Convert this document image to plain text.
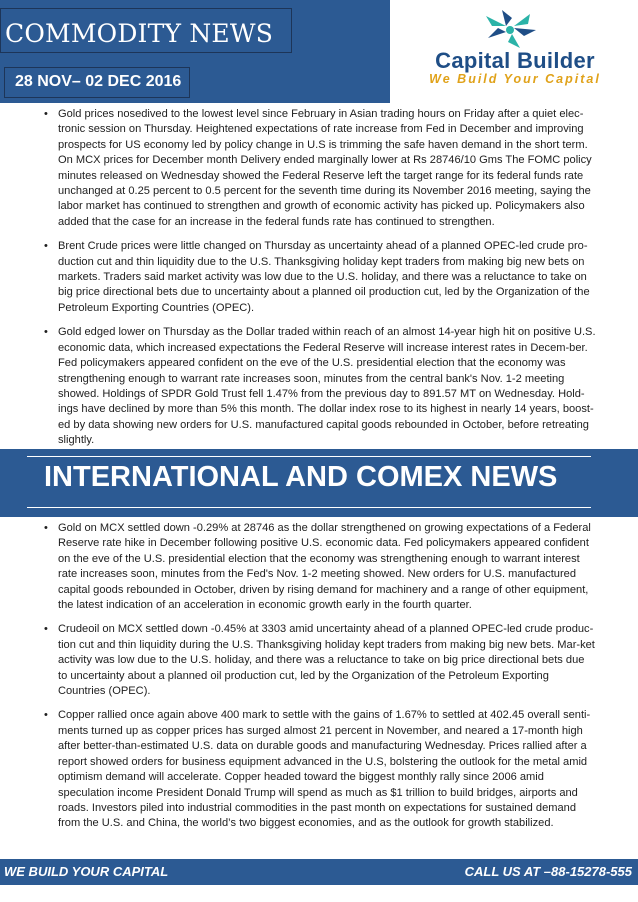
COMMODITY NEWS
28 NOV– 02 DEC 2016
Capital Builder
We Build Your Capital
• Gold prices nosedived to the lowest level since February in Asian trading hours on Friday after a quiet elec-tronic session on Thursday. Heightened expectations of rate increase from Fed in December and improving prospects for US economy led by policy change in U.S is trimming the safe haven demand in the short term. On MCX prices for December month Delivery ended marginally lower at Rs 28746/10 Gms The FOMC policy minutes released on Wednesday showed the Federal Reserve left the target range for its federal funds rate unchanged at 0.25 percent to 0.5 percent for the seventh time during its November 2016 meeting, saying the labor market has continued to strengthen and growth of economic activity has picked up. Policymakers also added that the case for an increase in the federal funds rate has continued to strengthen.
• Brent Crude prices were little changed on Thursday as uncertainty ahead of a planned OPEC-led crude pro-duction cut and thin liquidity due to the U.S. Thanksgiving holiday kept traders from making big new bets on markets. Traders said market activity was low due to the U.S. holiday, and there was a reluctance to take on big price directional bets due to uncertainty about a planned oil production cut, led by the Organization of the Petroleum Exporting Countries (OPEC).
• Gold edged lower on Thursday as the Dollar traded within reach of an almost 14-year high hit on positive U.S. economic data, which increased expectations the Federal Reserve will increase interest rates in Decem-ber. Fed policymakers appeared confident on the eve of the U.S. presidential election that the economy was strengthening enough to warrant rate increases soon, minutes from the central bank's Nov. 1-2 meeting showed. Holdings of SPDR Gold Trust fell 1.47% from the previous day to 891.57 MT on Wednesday. Hold-ings have declined by more than 5% this month. The dollar index rose to its highest in nearly 14 years, boost-ed by data showing new orders for U.S. manufactured capital goods rebounded in October, before retreating slightly.
INTERNATIONAL AND COMEX NEWS
• Gold on MCX settled down -0.29% at 28746 as the dollar strengthened on growing expectations of a Federal Reserve rate hike in December following positive U.S. economic data. Fed policymakers appeared confident on the eve of the U.S. presidential election that the economy was strengthening enough to warrant interest rate increases soon, minutes from the Fed's Nov. 1-2 meeting showed. New orders for U.S. manufactured capital goods rebounded in October, driven by rising demand for machinery and a range of other equipment, the latest indication of an acceleration in economic growth early in the fourth quarter.
• Crudeoil on MCX settled down -0.45% at 3303 amid uncertainty ahead of a planned OPEC-led crude produc-tion cut and thin liquidity during the U.S. Thanksgiving holiday kept traders from making big new bets. Mar-ket activity was low due to the U.S. holiday, and there was a reluctance to take on big price directional bets due to uncertainty about a planned oil production cut, led by the Organization of the Petroleum Exporting Countries (OPEC).
• Copper rallied once again above 400 mark to settle with the gains of 1.67% to settled at 402.45 overall senti-ments turned up as copper prices has surged almost 21 percent in November, and neared a 17-month high after better-than-estimated U.S. data on durable goods and manufacturing Wednesday. Prices rallied after a report showed orders for business equipment advanced in the U.S, bolstering the outlook for the metal amid optimism demand will accelerate. Copper headed toward the biggest monthly rally since 2006 amid speculation income President Donald Trump will spend as much as $1 trillion to build bridges, airports and roads. Investors piled into industrial commodities in the past month on expectations for sustained demand from the U.S. and China, the world’s two biggest economies, and as the outlook for growth stabilized.
WE BUILD YOUR CAPITAL	CALL US AT –88-15278-555
